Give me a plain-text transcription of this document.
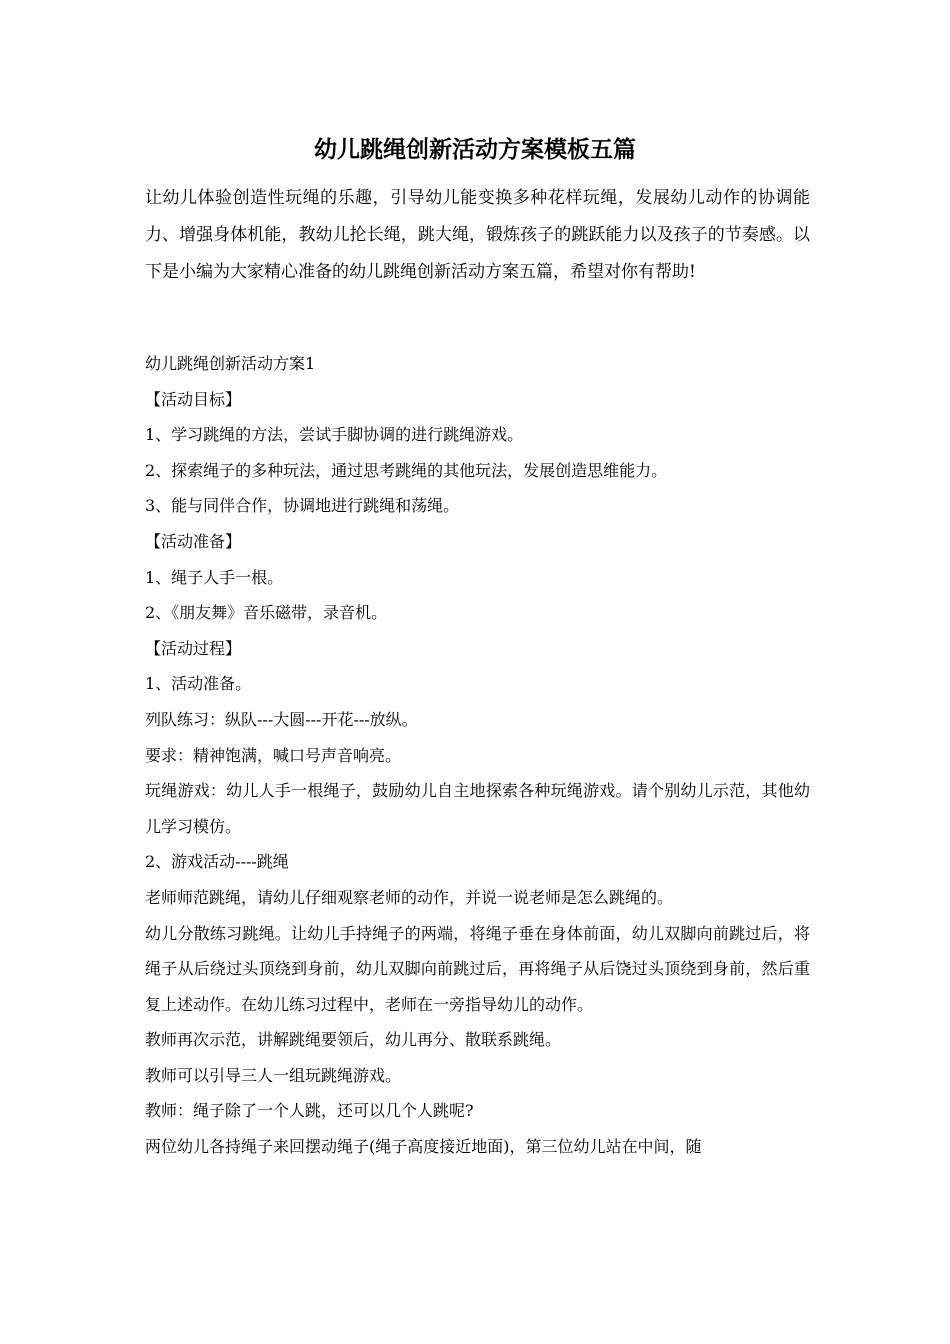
幼儿跳绳创新活动方案模板五篇

让幼儿体验创造性玩绳的乐趣，引导幼儿能变换多种花样玩绳，发展幼儿动作的协调能力、增强身体机能，教幼儿抡长绳，跳大绳，锻炼孩子的跳跃能力以及孩子的节奏感。以下是小编为大家精心准备的幼儿跳绳创新活动方案五篇，希望对你有帮助!

幼儿跳绳创新活动方案1

【活动目标】

1、学习跳绳的方法，尝试手脚协调的进行跳绳游戏。

2、探索绳子的多种玩法，通过思考跳绳的其他玩法，发展创造思维能力。

3、能与同伴合作，协调地进行跳绳和荡绳。

【活动准备】

1、绳子人手一根。

2、《朋友舞》音乐磁带，录音机。

【活动过程】

1、活动准备。

列队练习：纵队---大圆---开花---放纵。

要求：精神饱满，喊口号声音响亮。

玩绳游戏：幼儿人手一根绳子，鼓励幼儿自主地探索各种玩绳游戏。请个别幼儿示范，其他幼儿学习模仿。

2、游戏活动----跳绳

老师师范跳绳，请幼儿仔细观察老师的动作，并说一说老师是怎么跳绳的。

幼儿分散练习跳绳。让幼儿手持绳子的两端，将绳子垂在身体前面，幼儿双脚向前跳过后，将绳子从后绕过头顶绕到身前，幼儿双脚向前跳过后，再将绳子从后饶过头顶绕到身前，然后重复上述动作。在幼儿练习过程中，老师在一旁指导幼儿的动作。

教师再次示范，讲解跳绳要领后，幼儿再分、散联系跳绳。

教师可以引导三人一组玩跳绳游戏。

教师：绳子除了一个人跳，还可以几个人跳呢?

两位幼儿各持绳子来回摆动绳子(绳子高度接近地面)，第三位幼儿站在中间，随
